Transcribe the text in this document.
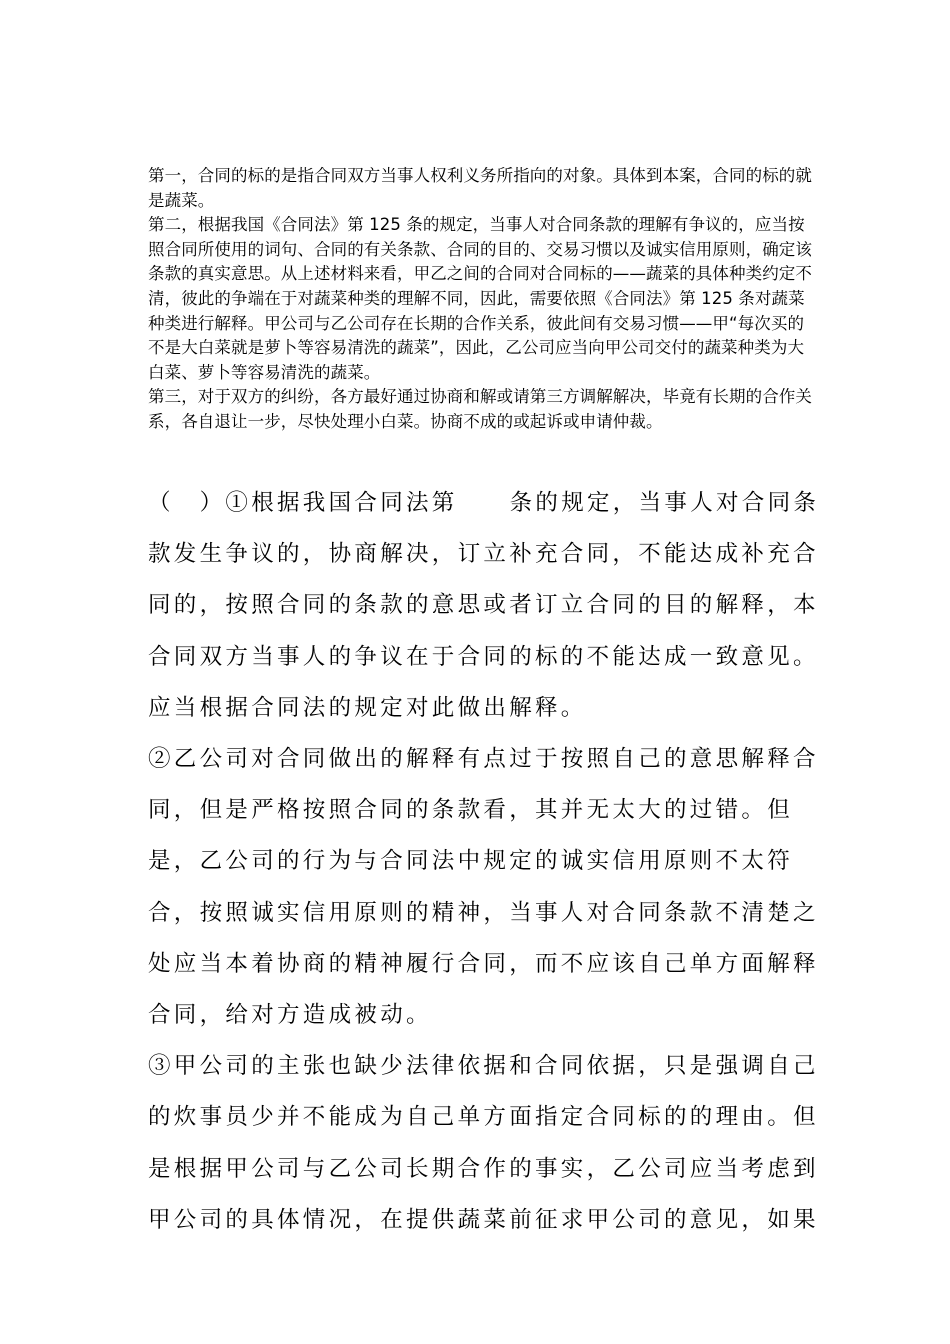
第一，合同的标的是指合同双方当事人权利义务所指向的对象。具体到本案，合同的标的就是蔬菜。

第二，根据我国《合同法》第 125 条的规定，当事人对合同条款的理解有争议的，应当按照合同所使用的词句、合同的有关条款、合同的目的、交易习惯以及诚实信用原则，确定该条款的真实意思。从上述材料来看，甲乙之间的合同对合同标的——蔬菜的具体种类约定不清，彼此的争端在于对蔬菜种类的理解不同，因此，需要依照《合同法》第 125 条对蔬菜种类进行解释。甲公司与乙公司存在长期的合作关系，彼此间有交易习惯——甲“每次买的不是大白菜就是萝卜等容易清洗的蔬菜”，因此，乙公司应当向甲公司交付的蔬菜种类为大白菜、萝卜等容易清洗的蔬菜。

第三，对于双方的纠纷，各方最好通过协商和解或请第三方调解解决，毕竟有长期的合作关系，各自退让一步，尽快处理小白菜。协商不成的或起诉或申请仲裁。

（　）①根据我国合同法第 条的规定，当事人对合同条款发生争议的，协商解决，订立补充合同，不能达成补充合同的，按照合同的条款的意思或者订立合同的目的解释，本合同双方当事人的争议在于合同的标的不能达成一致意见。应当根据合同法的规定对此做出解释。

②乙公司对合同做出的解释有点过于按照自己的意思解释合同，但是严格按照合同的条款看，其并无太大的过错。但是，乙公司的行为与合同法中规定的诚实信用原则不太符合，按照诚实信用原则的精神，当事人对合同条款不清楚之处应当本着协商的精神履行合同，而不应该自己单方面解释合同，给对方造成被动。

③甲公司的主张也缺少法律依据和合同依据，只是强调自己的炊事员少并不能成为自己单方面指定合同标的的理由。但是根据甲公司与乙公司长期合作的事实，乙公司应当考虑到甲公司的具体情况，在提供蔬菜前征求甲公司的意见，如果
